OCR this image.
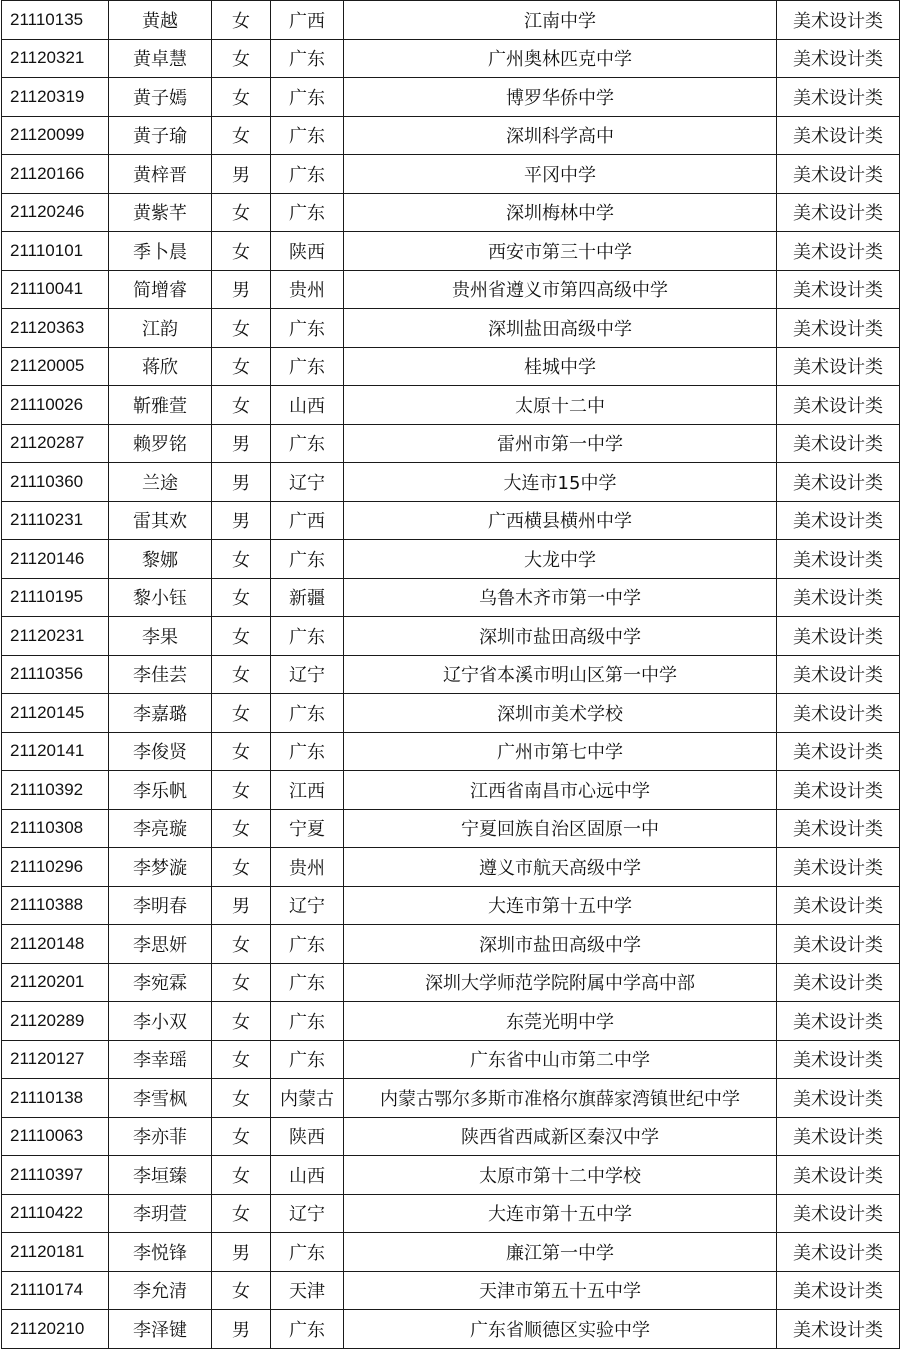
21110135	黄越	女	广西	江南中学	美术设计类
21120321	黄卓慧	女	广东	广州奥林匹克中学	美术设计类
21120319	黄子嫣	女	广东	博罗华侨中学	美术设计类
21120099	黄子瑜	女	广东	深圳科学高中	美术设计类
21120166	黄梓晋	男	广东	平冈中学	美术设计类
21120246	黄紫芊	女	广东	深圳梅林中学	美术设计类
21110101	季卜晨	女	陕西	西安市第三十中学	美术设计类
21110041	简增睿	男	贵州	贵州省遵义市第四高级中学	美术设计类
21120363	江韵	女	广东	深圳盐田高级中学	美术设计类
21120005	蒋欣	女	广东	桂城中学	美术设计类
21110026	靳雅萱	女	山西	太原十二中	美术设计类
21120287	赖罗铭	男	广东	雷州市第一中学	美术设计类
21110360	兰途	男	辽宁	大连市15中学	美术设计类
21110231	雷其欢	男	广西	广西横县横州中学	美术设计类
21120146	黎娜	女	广东	大龙中学	美术设计类
21110195	黎小钰	女	新疆	乌鲁木齐市第一中学	美术设计类
21120231	李果	女	广东	深圳市盐田高级中学	美术设计类
21110356	李佳芸	女	辽宁	辽宁省本溪市明山区第一中学	美术设计类
21120145	李嘉璐	女	广东	深圳市美术学校	美术设计类
21120141	李俊贤	女	广东	广州市第七中学	美术设计类
21110392	李乐帆	女	江西	江西省南昌市心远中学	美术设计类
21110308	李亮璇	女	宁夏	宁夏回族自治区固原一中	美术设计类
21110296	李梦漩	女	贵州	遵义市航天高级中学	美术设计类
21110388	李明春	男	辽宁	大连市第十五中学	美术设计类
21120148	李思妍	女	广东	深圳市盐田高级中学	美术设计类
21120201	李宛霖	女	广东	深圳大学师范学院附属中学高中部	美术设计类
21120289	李小双	女	广东	东莞光明中学	美术设计类
21120127	李幸瑶	女	广东	广东省中山市第二中学	美术设计类
21110138	李雪枫	女	内蒙古	内蒙古鄂尔多斯市准格尔旗薛家湾镇世纪中学	美术设计类
21110063	李亦菲	女	陕西	陕西省西咸新区秦汉中学	美术设计类
21110397	李垣臻	女	山西	太原市第十二中学校	美术设计类
21110422	李玥萱	女	辽宁	大连市第十五中学	美术设计类
21120181	李悦锋	男	广东	廉江第一中学	美术设计类
21110174	李允清	女	天津	天津市第五十五中学	美术设计类
21120210	李泽键	男	广东	广东省顺德区实验中学	美术设计类
